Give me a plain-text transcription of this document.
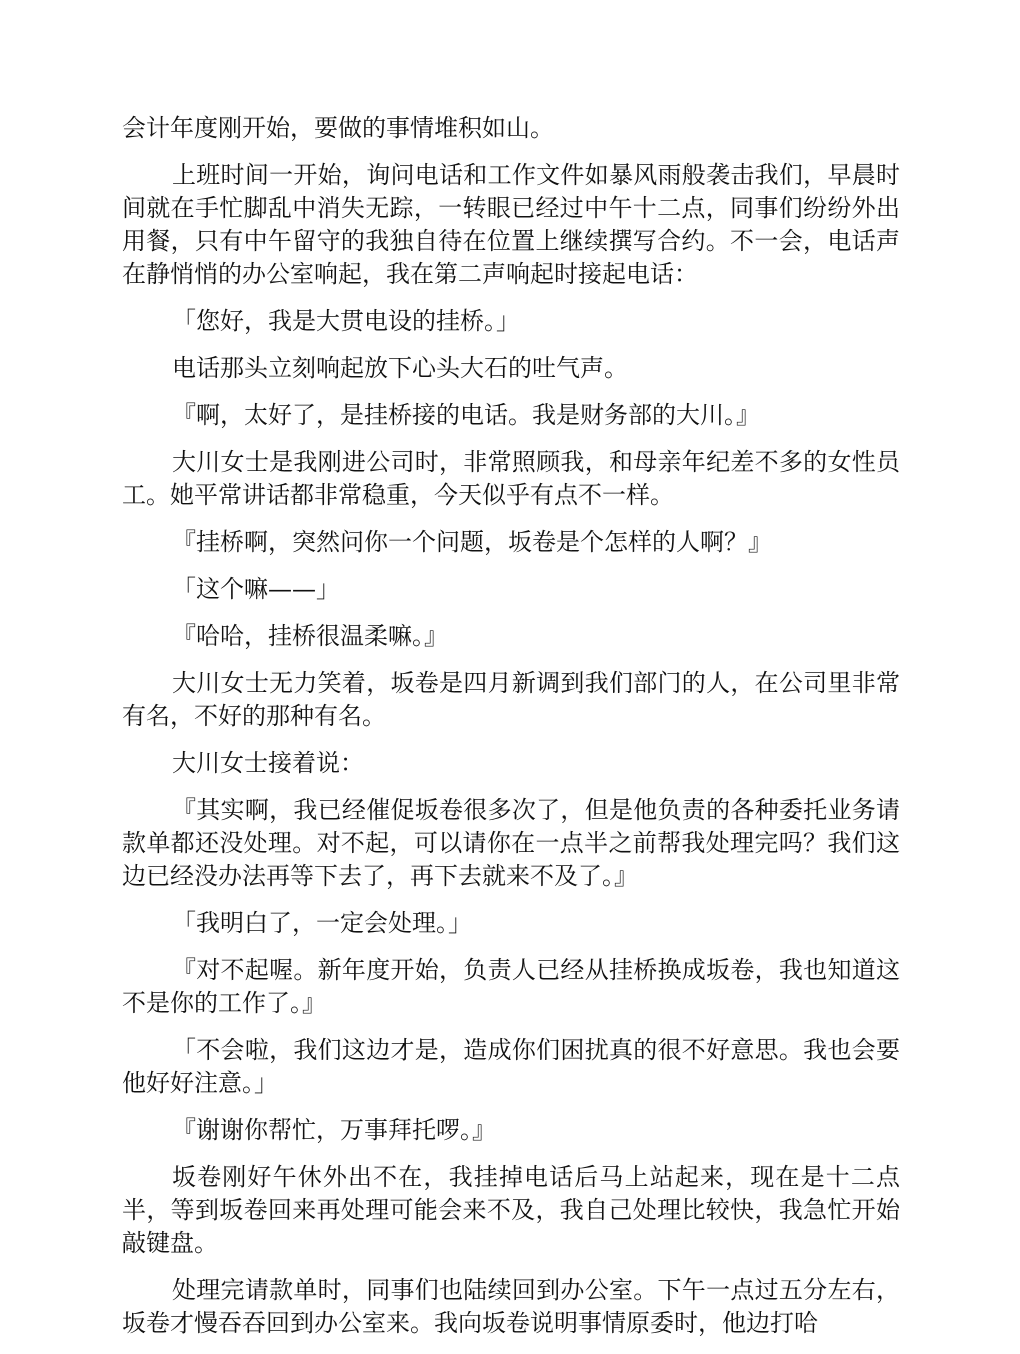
会计年度刚开始，要做的事情堆积如山。

上班时间一开始，询问电话和工作文件如暴风雨般袭击我们，早晨时间就在手忙脚乱中消失无踪，一转眼已经过中午十二点，同事们纷纷外出用餐，只有中午留守的我独自待在位置上继续撰写合约。不一会，电话声在静悄悄的办公室响起，我在第二声响起时接起电话：

「您好，我是大贯电设的挂桥。」

电话那头立刻响起放下心头大石的吐气声。

『啊，太好了，是挂桥接的电话。我是财务部的大川。』

大川女士是我刚进公司时，非常照顾我，和母亲年纪差不多的女性员工。她平常讲话都非常稳重，今天似乎有点不一样。

『挂桥啊，突然问你一个问题，坂卷是个怎样的人啊？』

「这个嘛——」

『哈哈，挂桥很温柔嘛。』

大川女士无力笑着，坂卷是四月新调到我们部门的人，在公司里非常有名，不好的那种有名。

大川女士接着说：

『其实啊，我已经催促坂卷很多次了，但是他负责的各种委托业务请款单都还没处理。对不起，可以请你在一点半之前帮我处理完吗？我们这边已经没办法再等下去了，再下去就来不及了。』

「我明白了，一定会处理。」

『对不起喔。新年度开始，负责人已经从挂桥换成坂卷，我也知道这不是你的工作了。』

「不会啦，我们这边才是，造成你们困扰真的很不好意思。我也会要他好好注意。」

『谢谢你帮忙，万事拜托啰。』

坂卷刚好午休外出不在，我挂掉电话后马上站起来，现在是十二点半，等到坂卷回来再处理可能会来不及，我自己处理比较快，我急忙开始敲键盘。

处理完请款单时，同事们也陆续回到办公室。下午一点过五分左右，坂卷才慢吞吞回到办公室来。我向坂卷说明事情原委时，他边打哈
